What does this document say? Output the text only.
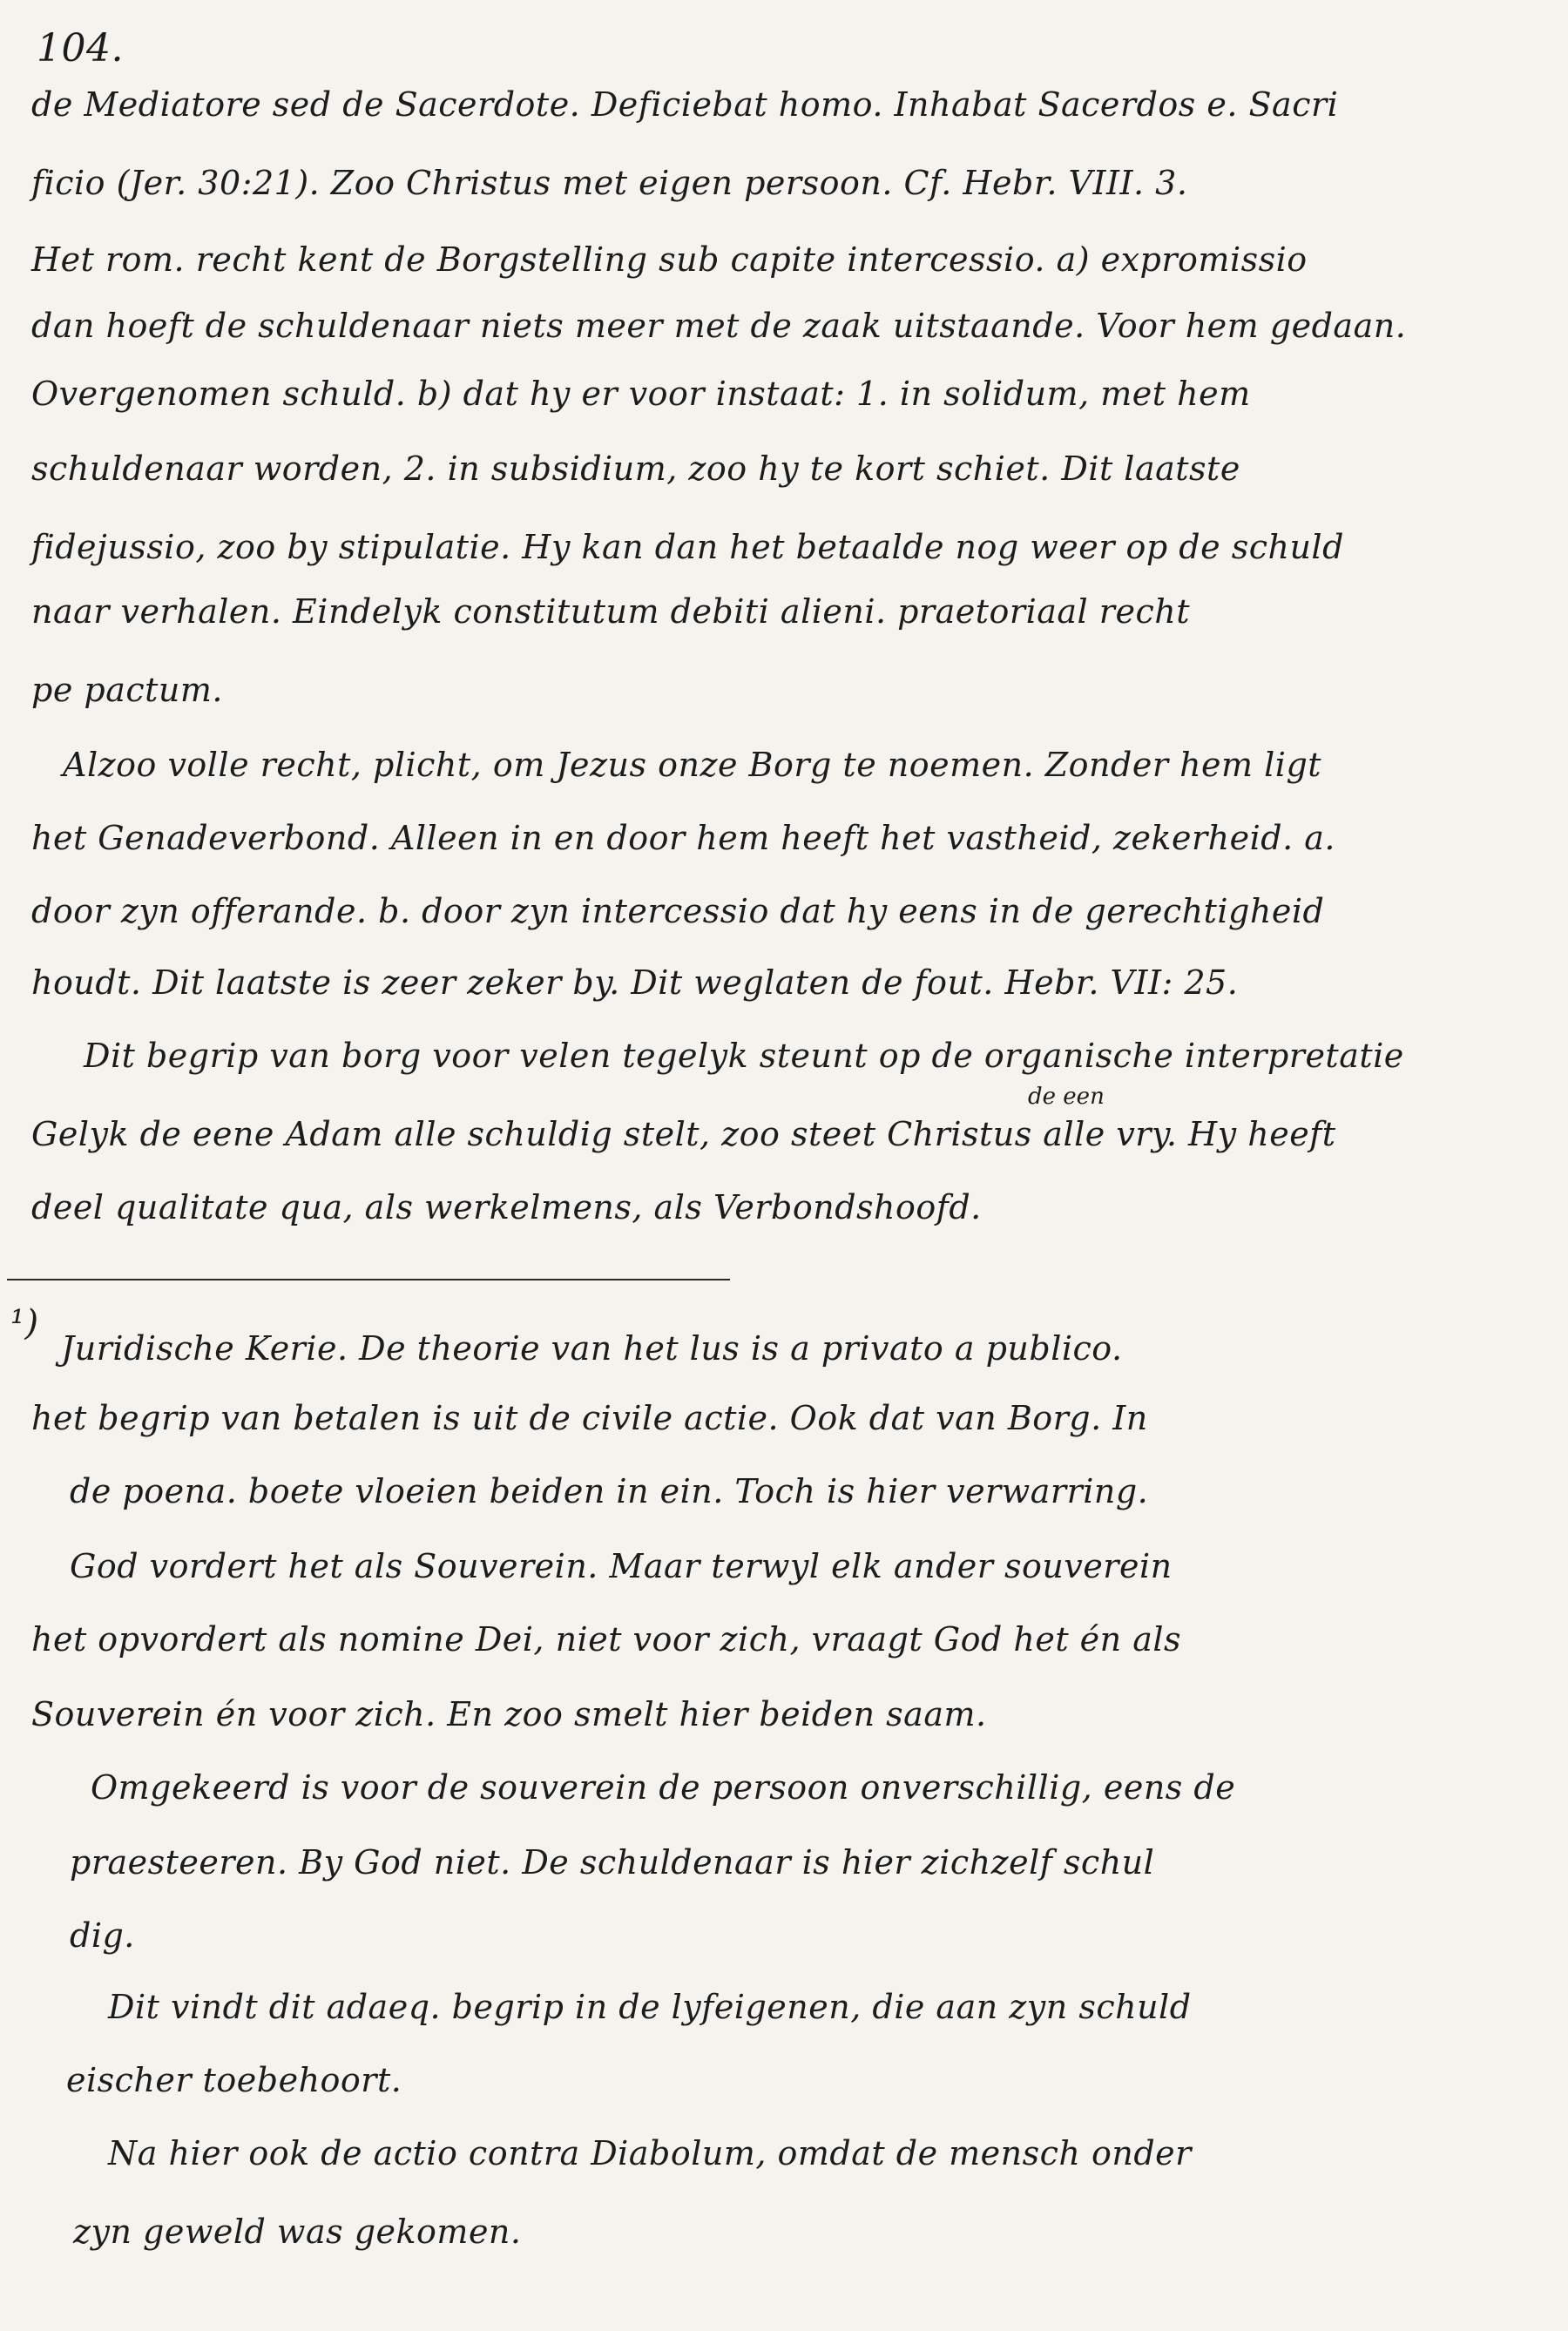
104.
de Mediatore sed de Sacerdote. Deficiebat homo. Inhabat Sacerdos e. Sacri
ficio (Jer. 30:21). Zoo Christus met eigen persoon. Cf. Hebr. VIII. 3.
Het rom. recht kent de Borgstelling sub capite intercessio. a) expromissio
dan hoeft de schuldenaar niets meer met de zaak uitstaande. Voor hem gedaan.
Overgenomen schuld. b) dat hy er voor instaat: 1. in solidum, met hem
schuldenaar worden, 2. in subsidium, zoo hy te kort schiet. Dit laatste
fidejussio, zoo by stipulatie. Hy kan dan het betaalde nog weer op de schuld
naar verhalen. Eindelyk constitutum debiti alieni. praetoriaal recht
pe pactum.
Alzoo volle recht, plicht, om Jezus onze Borg te noemen. Zonder hem ligt
het Genadeverbond. Alleen in en door hem heeft het vastheid, zekerheid. a.
door zyn offerande. b. door zyn intercessio dat hy eens in de gerechtigheid
houdt. Dit laatste is zeer zeker by. Dit weglaten de fout. Hebr. VII: 25.
Dit begrip van borg voor velen tegelyk steunt op de organische interpretatie
de een
Gelyk de eene Adam alle schuldig stelt, zoo steet Christus alle vry. Hy heeft
deel qualitate qua, als werkelmens, als Verbondshoofd.
¹)
Juridische Kerie. De theorie van het lus is a privato a publico.
het begrip van betalen is uit de civile actie. Ook dat van Borg. In
de poena. boete vloeien beiden in ein. Toch is hier verwarring.
God vordert het als Souverein. Maar terwyl elk ander souverein
het opvordert als nomine Dei, niet voor zich, vraagt God het én als
Souverein én voor zich. En zoo smelt hier beiden saam.
Omgekeerd is voor de souverein de persoon onverschillig, eens de
praesteeren. By God niet. De schuldenaar is hier zichzelf schul
dig.
Dit vindt dit adaeq. begrip in de lyfeigenen, die aan zyn schuld
eischer toebehoort.
Na hier ook de actio contra Diabolum, omdat de mensch onder
zyn geweld was gekomen.
